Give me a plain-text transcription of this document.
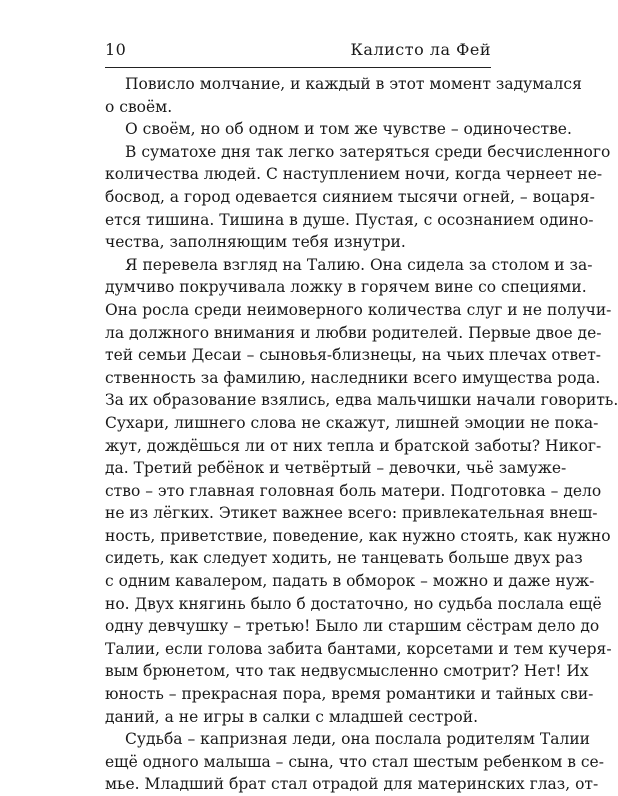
10	Калисто ла Фей
Повисло молчание, и каждый в этот момент задумался
о своём.
О своём, но об одном и том же чувстве – одиночестве.
В суматохе дня так легко затеряться среди бесчисленного
количества людей. С наступлением ночи, когда чернеет не-
босвод, а город одевается сиянием тысячи огней, – воцаря-
ется тишина. Тишина в душе. Пустая, с осознанием одино-
чества, заполняющим тебя изнутри.
Я перевела взгляд на Талию. Она сидела за столом и за-
думчиво покручивала ложку в горячем вине со специями.
Она росла среди неимоверного количества слуг и не получи-
ла должного внимания и любви родителей. Первые двое де-
тей семьи Десаи – сыновья-близнецы, на чьих плечах ответ-
ственность за фамилию, наследники всего имущества рода.
За их образование взялись, едва мальчишки начали говорить.
Сухари, лишнего слова не скажут, лишней эмоции не пока-
жут, дождёшься ли от них тепла и братской заботы? Никог-
да. Третий ребёнок и четвёртый – девочки, чьё замуже-
ство – это главная головная боль матери. Подготовка – дело
не из лёгких. Этикет важнее всего: привлекательная внеш-
ность, приветствие, поведение, как нужно стоять, как нужно
сидеть, как следует ходить, не танцевать больше двух раз
с одним кавалером, падать в обморок – можно и даже нуж-
но. Двух княгинь было б достаточно, но судьба послала ещё
одну девчушку – третью! Было ли старшим сёстрам дело до
Талии, если голова забита бантами, корсетами и тем кучеря-
вым брюнетом, что так недвусмысленно смотрит? Нет! Их
юность – прекрасная пора, время романтики и тайных сви-
даний, а не игры в салки с младшей сестрой.
Судьба – капризная леди, она послала родителям Талии
ещё одного малыша – сына, что стал шестым ребенком в се-
мье. Младший брат стал отрадой для материнских глаз, от-
